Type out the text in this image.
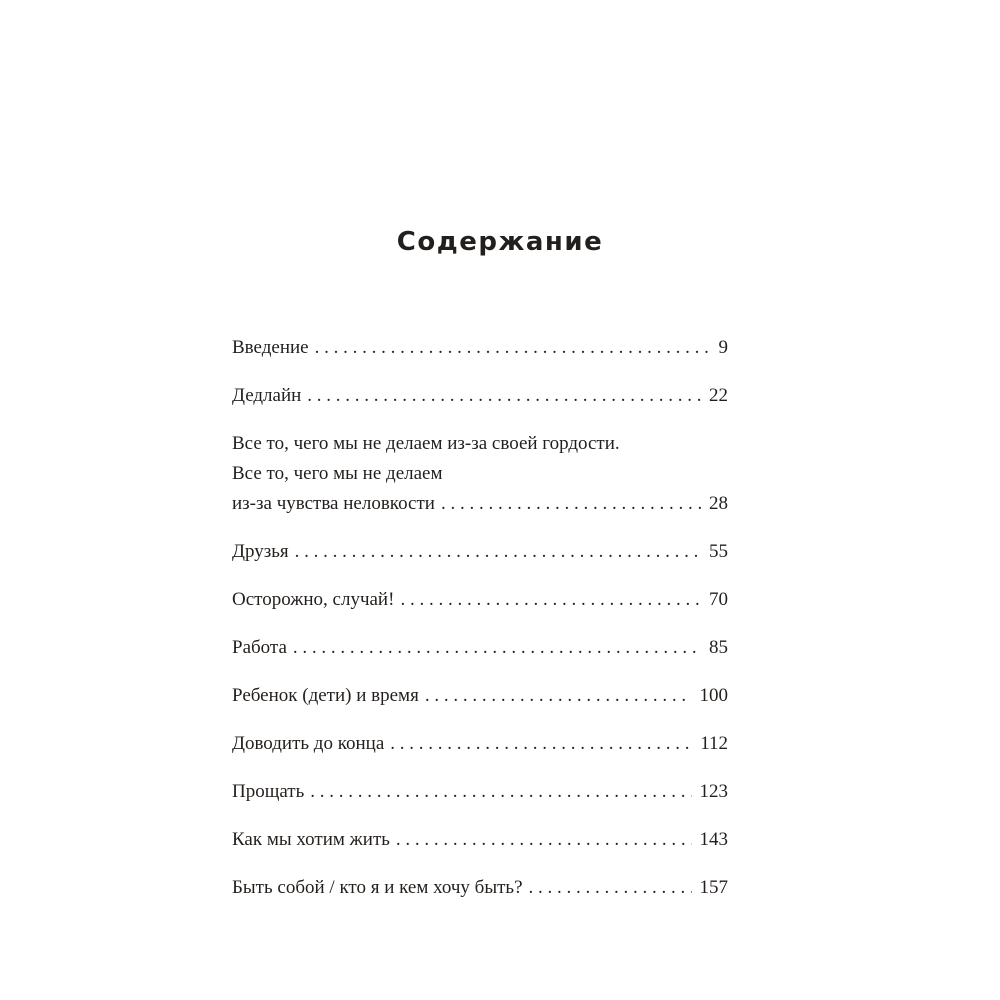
Содержание
Введение . . .	9
Дедлайн . . .	22
Все то, чего мы не делаем из-за своей гордости.
Все то, чего мы не делаем
из-за чувства неловкости . . .	28
Друзья . . .	55
Осторожно, случай! . . .	70
Работа . . .	85
Ребенок (дети) и время . . .	100
Доводить до конца . . .	112
Прощать . . .	123
Как мы хотим жить . . .	143
Быть собой / кто я и кем хочу быть? . . .	157
